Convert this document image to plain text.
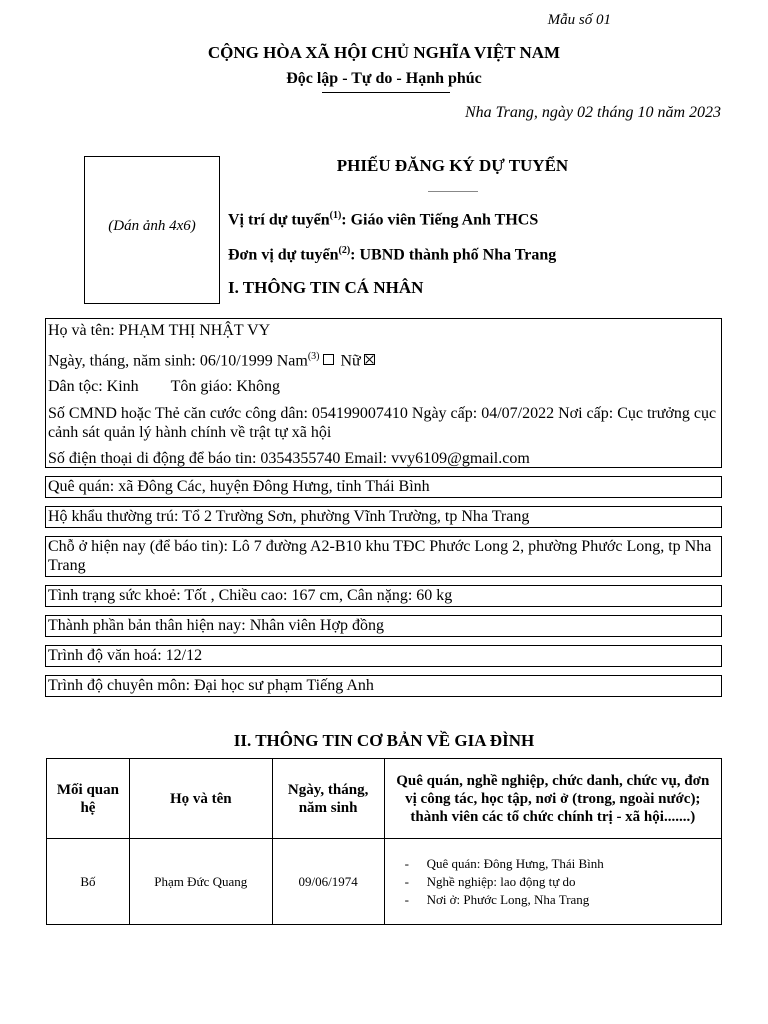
Mẫu số 01
CỘNG HÒA XÃ HỘI CHỦ NGHĨA VIỆT NAM
Độc lập - Tự do - Hạnh phúc
Nha Trang, ngày 02 tháng 10 năm 2023
(Dán ảnh 4x6)
PHIẾU ĐĂNG KÝ DỰ TUYỂN
Vị trí dự tuyển$^{(1)}$: Giáo viên Tiếng Anh THCS
Đơn vị dự tuyển$^{(2)}$: UBND thành phố Nha Trang
I. THÔNG TIN CÁ NHÂN
Họ và tên: PHẠM THỊ NHẬT VY
Ngày, tháng, năm sinh: 06/10/1999 Nam$^{(3)}$ Nữ
Dân tộc: Kinh Tôn giáo: Không
Số CMND hoặc Thẻ căn cước công dân: 054199007410 Ngày cấp: 04/07/2022 Nơi cấp: Cục trưởng cục cảnh sát quản lý hành chính về trật tự xã hội
Số điện thoại di động để báo tin: 0354355740 Email: vvy6109@gmail.com
Quê quán: xã Đông Các, huyện Đông Hưng, tỉnh Thái Bình
Hộ khẩu thường trú: Tổ 2 Trường Sơn, phường Vĩnh Trường, tp Nha Trang
Chỗ ở hiện nay (để báo tin): Lô 7 đường A2-B10 khu TĐC Phước Long 2, phường Phước Long, tp Nha Trang
Tình trạng sức khoẻ: Tốt , Chiều cao: 167 cm, Cân nặng: 60 kg
Thành phần bản thân hiện nay: Nhân viên Hợp đồng
Trình độ văn hoá: 12/12
Trình độ chuyên môn: Đại học sư phạm Tiếng Anh
II. THÔNG TIN CƠ BẢN VỀ GIA ĐÌNH
Mối quan hệ	Họ và tên	Ngày, tháng, năm sinh	Quê quán, nghề nghiệp, chức danh, chức vụ, đơn vị công tác, học tập, nơi ở (trong, ngoài nước); thành viên các tổ chức chính trị - xã hội.......)
Bố	Phạm Đức Quang	09/06/1974	- Quê quán: Đông Hưng, Thái Bình
- Nghề nghiệp: lao động tự do
- Nơi ở: Phước Long, Nha Trang
